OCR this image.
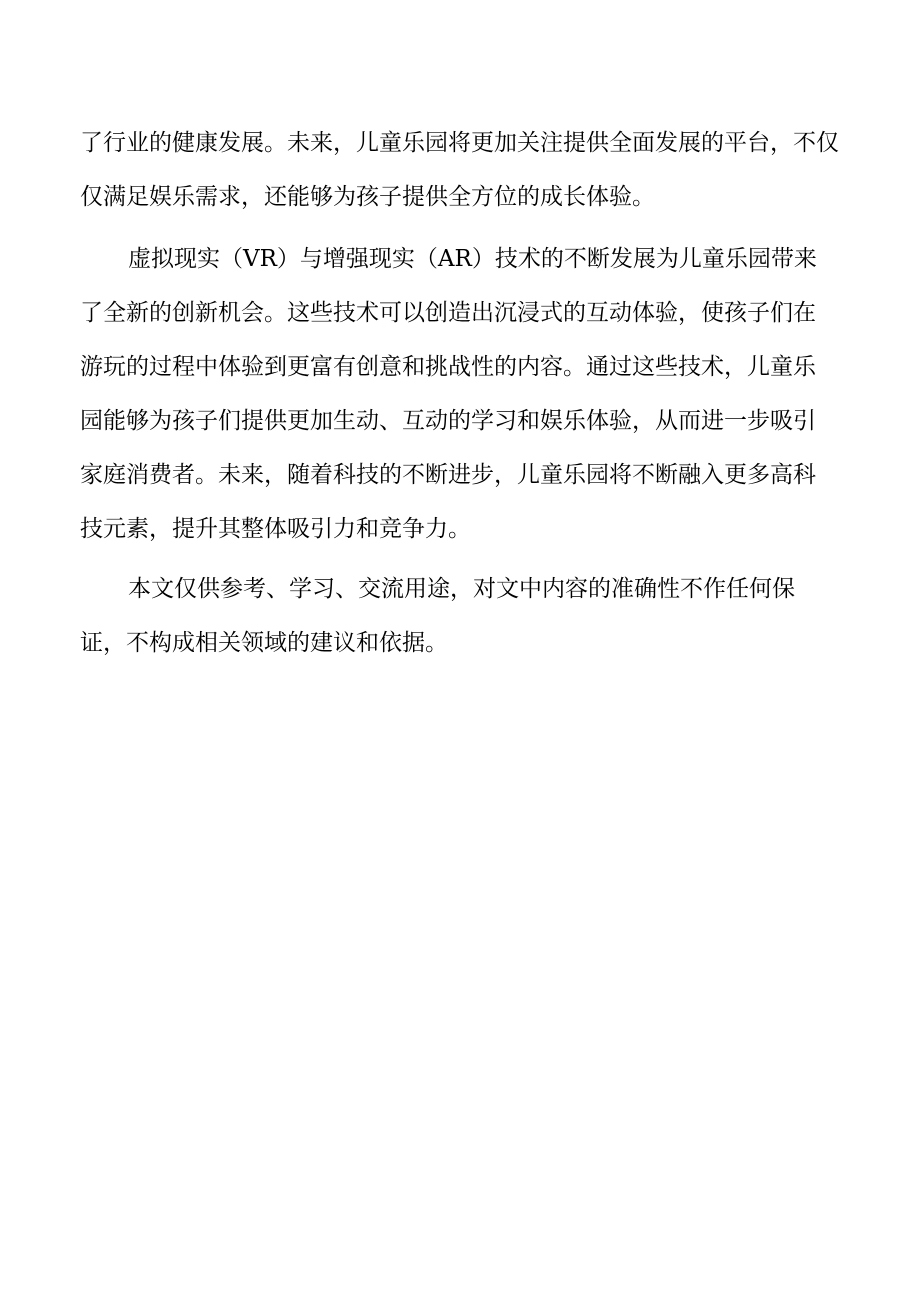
了行业的健康发展。未来，儿童乐园将更加关注提供全面发展的平台，不仅
仅满足娱乐需求，还能够为孩子提供全方位的成长体验。
虚拟现实（VR）与增强现实（AR）技术的不断发展为儿童乐园带来
了全新的创新机会。这些技术可以创造出沉浸式的互动体验，使孩子们在
游玩的过程中体验到更富有创意和挑战性的内容。通过这些技术，儿童乐
园能够为孩子们提供更加生动、互动的学习和娱乐体验，从而进一步吸引
家庭消费者。未来，随着科技的不断进步，儿童乐园将不断融入更多高科
技元素，提升其整体吸引力和竞争力。
本文仅供参考、学习、交流用途，对文中内容的准确性不作任何保
证，不构成相关领域的建议和依据。
